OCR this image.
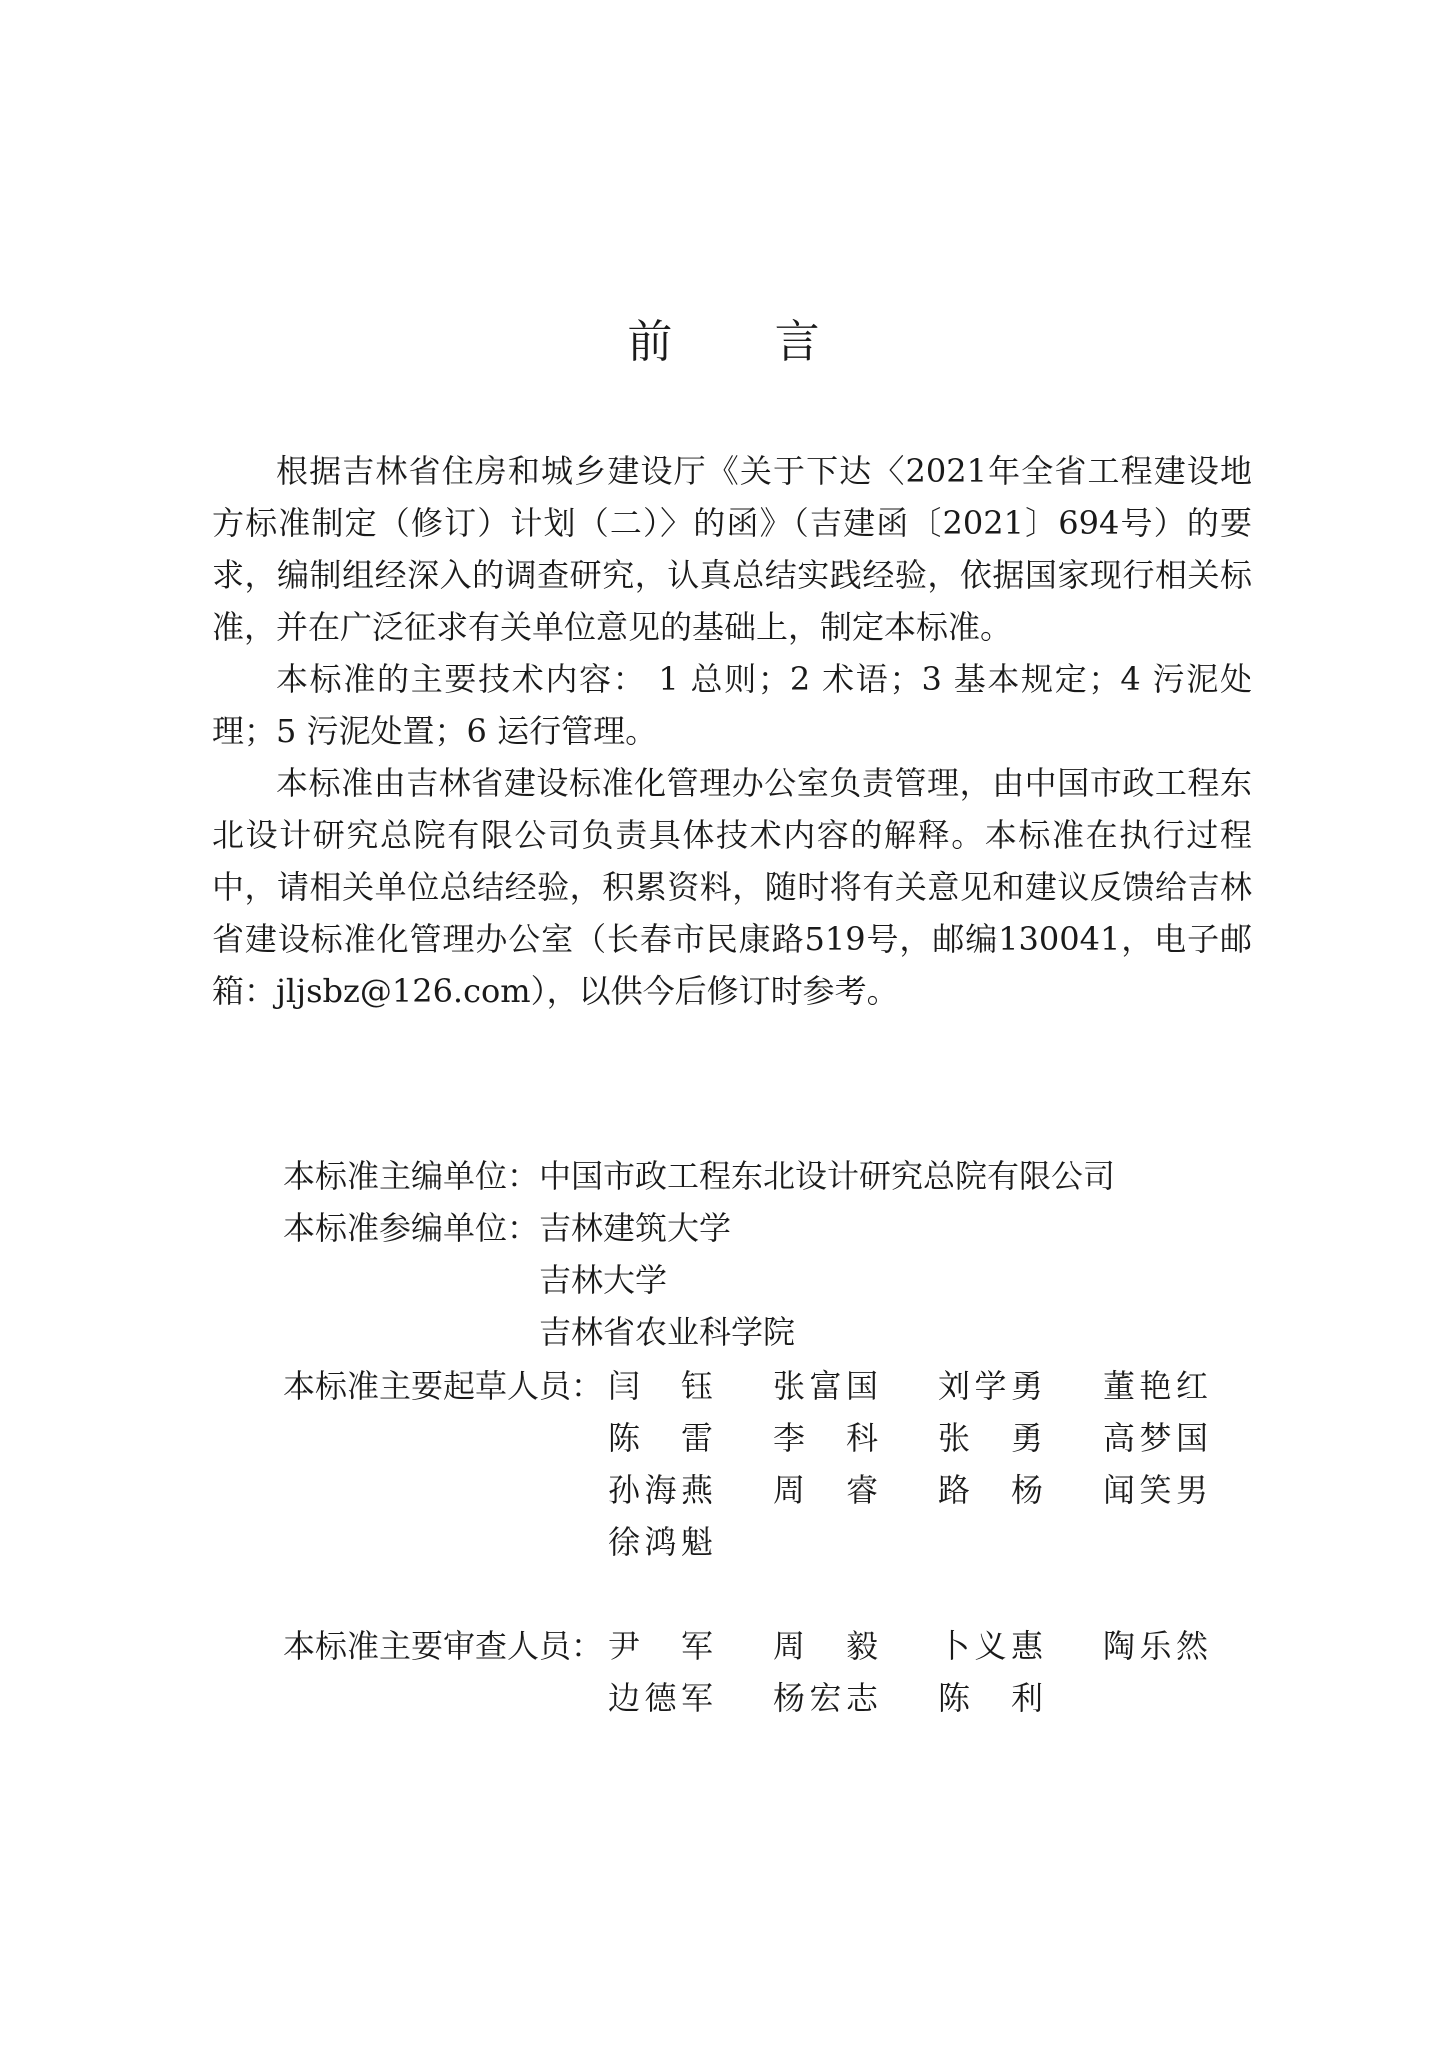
前 言

根据吉林省住房和城乡建设厅《关于下达〈2021年全省工程建设地方标准制定（修订）计划（二）〉的函》（吉建函〔2021〕694号）的要求，编制组经深入的调查研究，认真总结实践经验，依据国家现行相关标准，并在广泛征求有关单位意见的基础上，制定本标准。

本标准的主要技术内容： 1 总则；2 术语；3 基本规定；4 污泥处理；5 污泥处置；6 运行管理。

本标准由吉林省建设标准化管理办公室负责管理，由中国市政工程东北设计研究总院有限公司负责具体技术内容的解释。本标准在执行过程中，请相关单位总结经验，积累资料，随时将有关意见和建议反馈给吉林省建设标准化管理办公室（长春市民康路519号，邮编130041，电子邮箱：jljsbz@126.com），以供今后修订时参考。

本标准主编单位：中国市政工程东北设计研究总院有限公司
本标准参编单位：吉林建筑大学
吉林大学
吉林省农业科学院
本标准主要起草人员： 闫钰 张富国 刘学勇 董艳红
陈雷 李科 张勇 高梦国
孙海燕 周睿 路杨 闻笑男
徐鸿魁
本标准主要审查人员： 尹军 周毅 卜义惠 陶乐然
边德军 杨宏志 陈利
